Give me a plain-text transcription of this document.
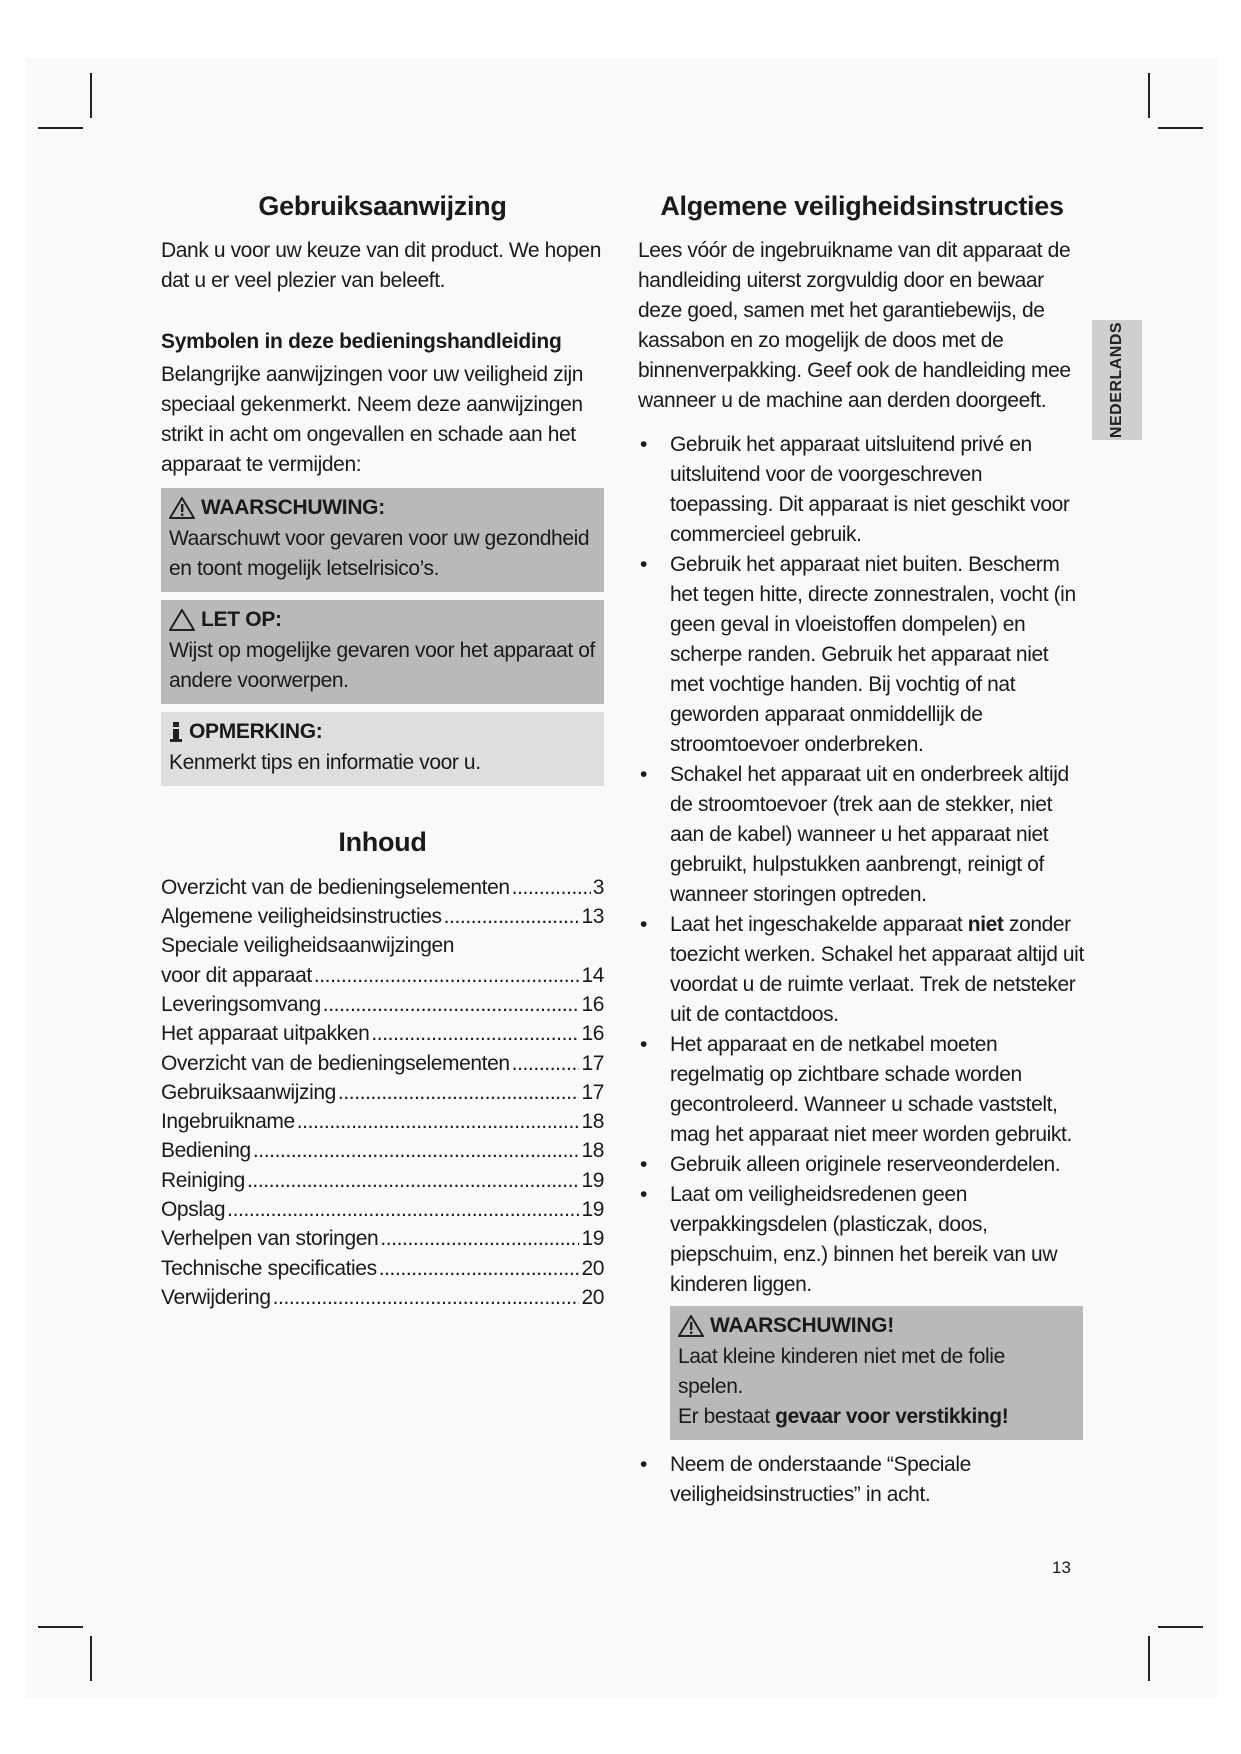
Gebruiksaanwijzing

Dank u voor uw keuze van dit product. We hopen dat u er veel plezier van beleeft.

Symbolen in deze bedieningshandleiding

Belangrijke aanwijzingen voor uw veiligheid zijn speciaal gekenmerkt. Neem deze aanwijzingen strikt in acht om ongevallen en schade aan het apparaat te vermijden:

WAARSCHUWING:
Waarschuwt voor gevaren voor uw gezondheid en toont mogelijk letselrisico’s.
LET OP:
Wijst op mogelijke gevaren voor het apparaat of andere voorwerpen.
OPMERKING:
Kenmerkt tips en informatie voor u.
Inhoud
Overzicht van de bedieningselementen .....	3
Algemene veiligheidsinstructies .....	13
Speciale veiligheidsaanwijzingen
voor dit apparaat .....	14
Leveringsomvang .....	16
Het apparaat uitpakken .....	16
Overzicht van de bedieningselementen .....	17
Gebruiksaanwijzing .....	17
Ingebruikname .....	18
Bediening .....	18
Reiniging .....	19
Opslag .....	19
Verhelpen van storingen .....	19
Technische specificaties .....	20
Verwijdering .....	20
Algemene veiligheidsinstructies

Lees vóór de ingebruikname van dit apparaat de handleiding uiterst zorgvuldig door en bewaar deze goed, samen met het garantiebewijs, de kassabon en zo mogelijk de doos met de binnenverpakking. Geef ook de handleiding mee wanneer u de machine aan derden doorgeeft.

• Gebruik het apparaat uitsluitend privé en uitsluitend voor de voorgeschreven toepassing. Dit apparaat is niet geschikt voor commercieel gebruik.
• Gebruik het apparaat niet buiten. Bescherm het tegen hitte, directe zonnestralen, vocht (in geen geval in vloeistoffen dompelen) en scherpe randen. Gebruik het apparaat niet met vochtige handen. Bij vochtig of nat geworden apparaat onmiddellijk de stroomtoevoer onderbreken.
• Schakel het apparaat uit en onderbreek altijd de stroomtoevoer (trek aan de stekker, niet aan de kabel) wanneer u het apparaat niet gebruikt, hulpstukken aanbrengt, reinigt of wanneer storingen optreden.
• Laat het ingeschakelde apparaat niet zonder toezicht werken. Schakel het apparaat altijd uit voordat u de ruimte verlaat. Trek de netsteker uit de contactdoos.
• Het apparaat en de netkabel moeten regelmatig op zichtbare schade worden gecontroleerd. Wanneer u schade vaststelt, mag het apparaat niet meer worden gebruikt.
• Gebruik alleen originele reserveonderdelen.
• Laat om veiligheidsredenen geen verpakkingsdelen (plasticzak, doos, piepschuim, enz.) binnen het bereik van uw kinderen liggen.
WAARSCHUWING!
Laat kleine kinderen niet met de folie spelen.
Er bestaat gevaar voor verstikking!
• Neem de onderstaande “Speciale veiligheidsinstructies” in acht.
NEDERLANDS
13
